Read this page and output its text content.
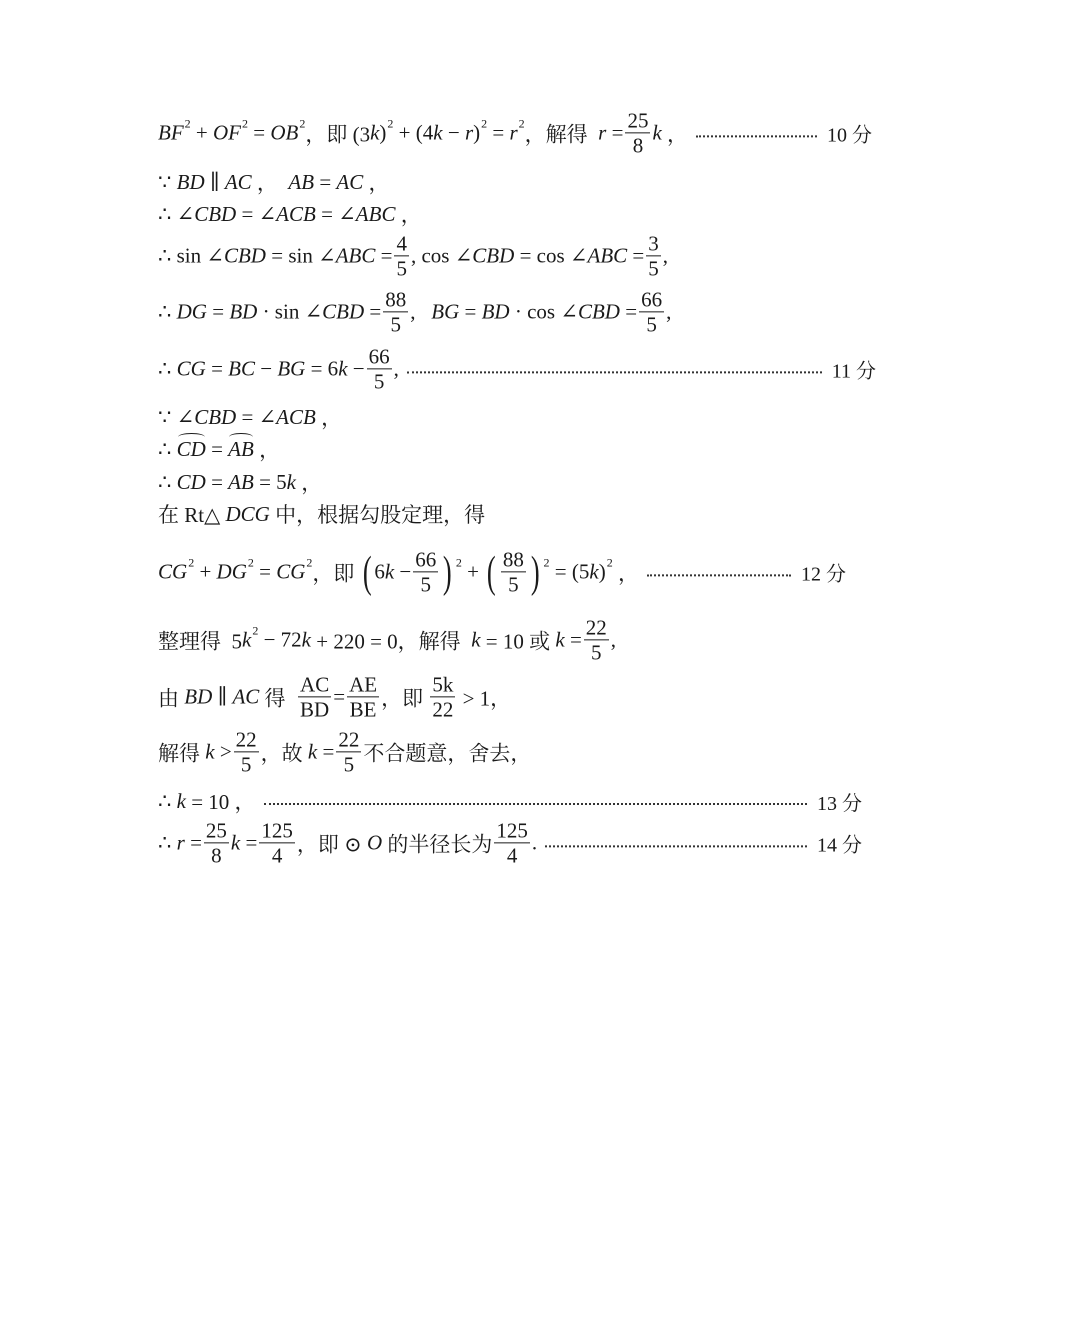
BF 2 + OF 2 = OB 2 ，即 (3 k ) 2 + (4 k − r ) 2 = r 2 ，解得 $r = \frac{25}{8}$ k ，	10 分
∵ BD ∥ AC ， AB = AC ，
∴ ∠CBD = ∠ACB = ∠ABC ，
∴ sin ∠CBD = sin ∠ABC = $\frac{4}{5}$ , cos ∠CBD = cos ∠ABC = $\frac{3}{5}$ ,
∴ DG = BD · sin ∠CBD = $\frac{88}{5}$ , BG = BD · cos ∠CBD = $\frac{66}{5}$ ,
∴ CG = BC − BG = 6 $k - \frac{66}{5}$ ,	11 分
∵ ∠CBD = ∠ACB ，
∴ CD = AB ，
∴ CD = AB = 5 k ，
在 Rt△ DCG 中，根据勾股定理，得
CG 2 + DG 2 = CG 2 ，即 ( 6 $k - \frac{66}{5}$ ) 2 + ( $\frac{88}{5}$ ) 2 = (5 k ) 2 ，	12 分
整理得  5 k 2 − 72 k + 220 = 0，解得 k = 10 或 $k = \frac{22}{5}$ ,
由 BD ∥ AC 得 $\frac{AC}{BD} = \frac{AE}{BE}$ ，即 $\frac{5k}{22} > 1$，
解得 $k > \frac{22}{5}$ ，故 $k = \frac{22}{5}$ 不合题意，舍去，
∴ k = 10 ，	13 分
∴ $r = \frac{25}{8}$ $k = \frac{125}{4}$ ，即 ⊙ O 的半径长为 $\frac{125}{4}$ .	14 分
